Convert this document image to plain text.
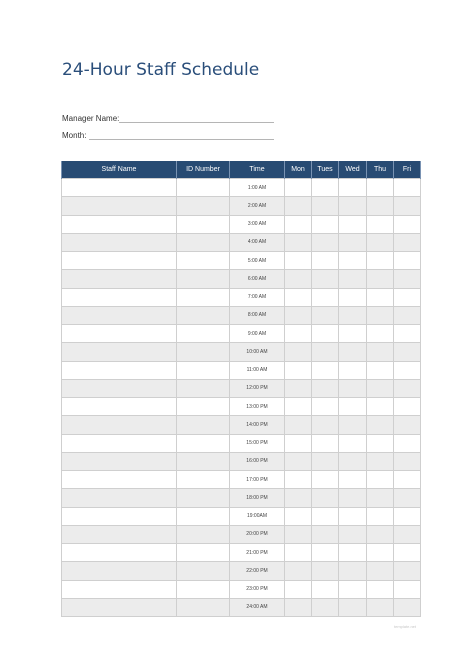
24-Hour Staff Schedule
Manager Name:
Month:
Staff Name	ID Number	Time	Mon	Tues	Wed	Thu	Fri
		1:00 AM					
		2:00 AM					
		3:00 AM					
		4:00 AM					
		5:00 AM					
		6:00 AM					
		7:00 AM					
		8:00 AM					
		9:00 AM					
		10:00 AM					
		11:00 AM					
		12:00 PM					
		13:00 PM					
		14:00 PM					
		15:00 PM					
		16:00 PM					
		17:00 PM					
		18:00 PM					
		19:00AM					
		20:00 PM					
		21:00 PM					
		22:00 PM					
		23:00 PM					
		24:00 AM					
template.net
